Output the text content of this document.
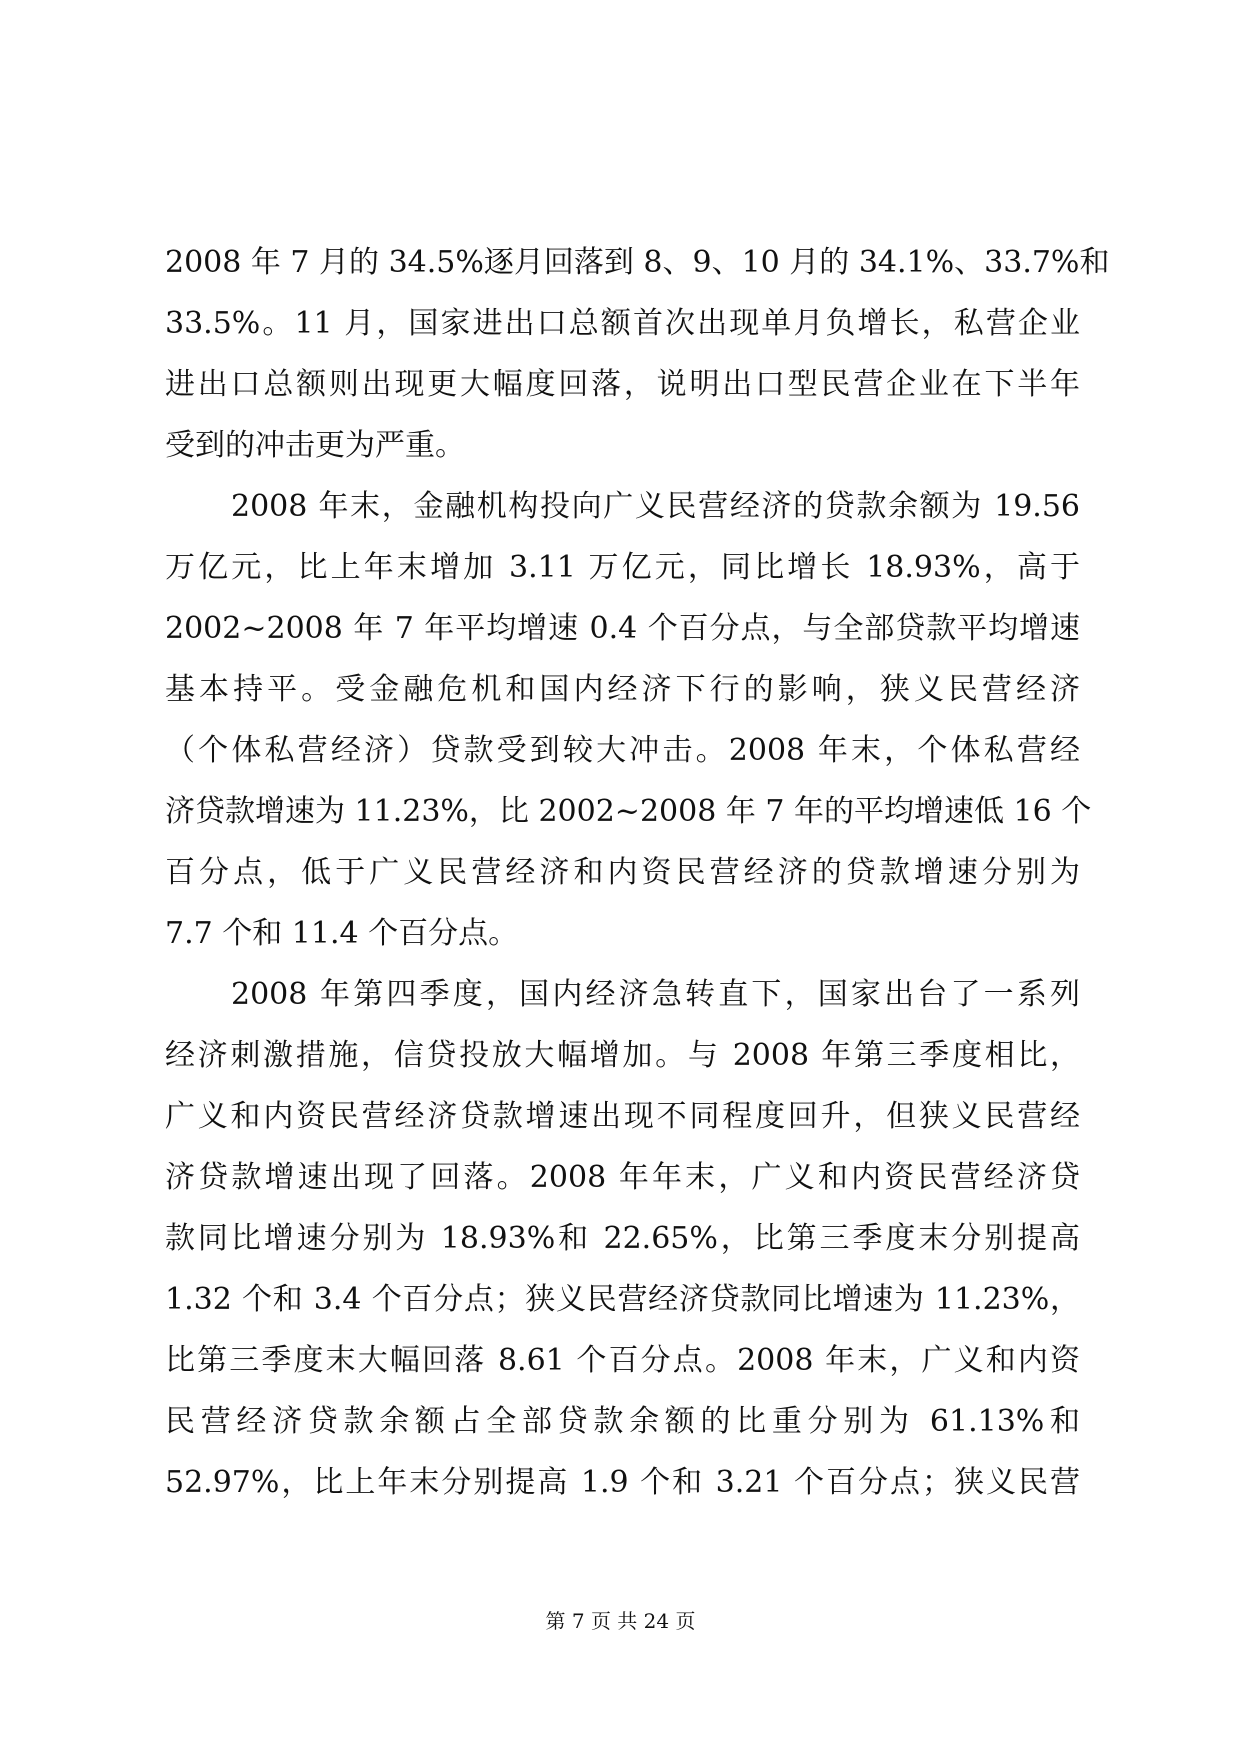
2008 年 7 月的 34.5%逐月回落到 8、9、10 月的 34.1%、33.7%和
33.5%。11 月，国家进出口总额首次出现单月负增长，私营企业
进出口总额则出现更大幅度回落，说明出口型民营企业在下半年
受到的冲击更为严重。
2008 年末，金融机构投向广义民营经济的贷款余额为 19.56
万亿元，比上年末增加 3.11 万亿元，同比增长 18.93%，高于
2002~2008 年 7 年平均增速 0.4 个百分点，与全部贷款平均增速
基本持平。受金融危机和国内经济下行的影响，狭义民营经济
（个体私营经济）贷款受到较大冲击。2008 年末，个体私营经
济贷款增速为 11.23%，比 2002~2008 年 7 年的平均增速低 16 个
百分点，低于广义民营经济和内资民营经济的贷款增速分别为
7.7 个和 11.4 个百分点。
2008 年第四季度，国内经济急转直下，国家出台了一系列
经济刺激措施，信贷投放大幅增加。与 2008 年第三季度相比，
广义和内资民营经济贷款增速出现不同程度回升，但狭义民营经
济贷款增速出现了回落。2008 年年末，广义和内资民营经济贷
款同比增速分别为 18.93%和 22.65%，比第三季度末分别提高
1.32 个和 3.4 个百分点；狭义民营经济贷款同比增速为 11.23%，
比第三季度末大幅回落 8.61 个百分点。2008 年末，广义和内资
民营经济贷款余额占全部贷款余额的比重分别为 61.13%和
52.97%，比上年末分别提高 1.9 个和 3.21 个百分点；狭义民营
第 7 页 共 24 页
